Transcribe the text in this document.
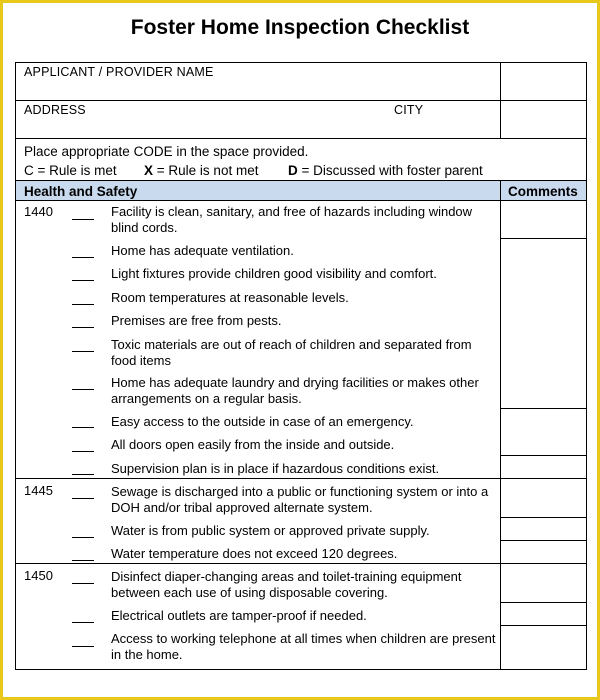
Foster Home Inspection Checklist
APPLICANT / PROVIDER NAME
ADDRESS	CITY
Place appropriate CODE in the space provided.
C = Rule is met X = Rule is not met D = Discussed with foster parent
Health and Safety	Comments
1440
1445
1450
Facility is clean, sanitary, and free of hazards including window blind cords.
Home has adequate ventilation.
Light fixtures provide children good visibility and comfort.
Room temperatures at reasonable levels.
Premises are free from pests.
Toxic materials are out of reach of children and separated from food items
Home has adequate laundry and drying facilities or makes other arrangements on a regular basis.
Easy access to the outside in case of an emergency.
All doors open easily from the inside and outside.
Supervision plan is in place if hazardous conditions exist.
Sewage is discharged into a public or functioning system or into a DOH and/or tribal approved alternate system.
Water is from public system or approved private supply.
Water temperature does not exceed 120 degrees.
Disinfect diaper-changing areas and toilet-training equipment between each use of using disposable covering.
Electrical outlets are tamper-proof if needed.
Access to working telephone at all times when children are present in the home.
